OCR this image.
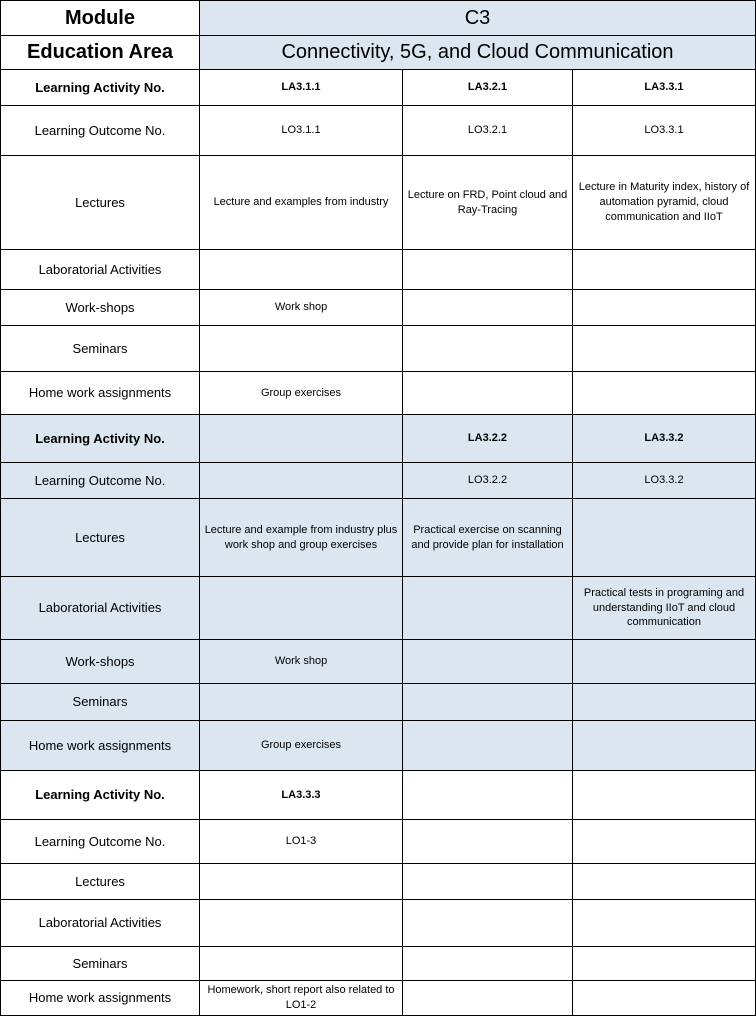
Module	C3		
Education Area	Connectivity, 5G, and Cloud Communication		
Learning Activity No.	LA3.1.1	LA3.2.1	LA3.3.1
Learning Outcome No.	LO3.1.1	LO3.2.1	LO3.3.1
Lectures	Lecture and examples from industry	Lecture on FRD, Point cloud and Ray-Tracing	Lecture in Maturity index, history of automation pyramid, cloud communication and IIoT
Laboratorial Activities			
Work-shops	Work shop		
Seminars			
Home work assignments	Group exercises		
Learning Activity No.		LA3.2.2	LA3.3.2
Learning Outcome No.		LO3.2.2	LO3.3.2
Lectures	Lecture and example from industry plus work shop and group exercises	Practical exercise on scanning and provide plan for installation	
Laboratorial Activities			Practical tests in programing and understanding IIoT and cloud communication
Work-shops	Work shop		
Seminars			
Home work assignments	Group exercises		
Learning Activity No.	LA3.3.3		
Learning Outcome No.	LO1-3		
Lectures			
Laboratorial Activities			
Seminars			
Home work assignments	Homework, short report also related to LO1-2		
